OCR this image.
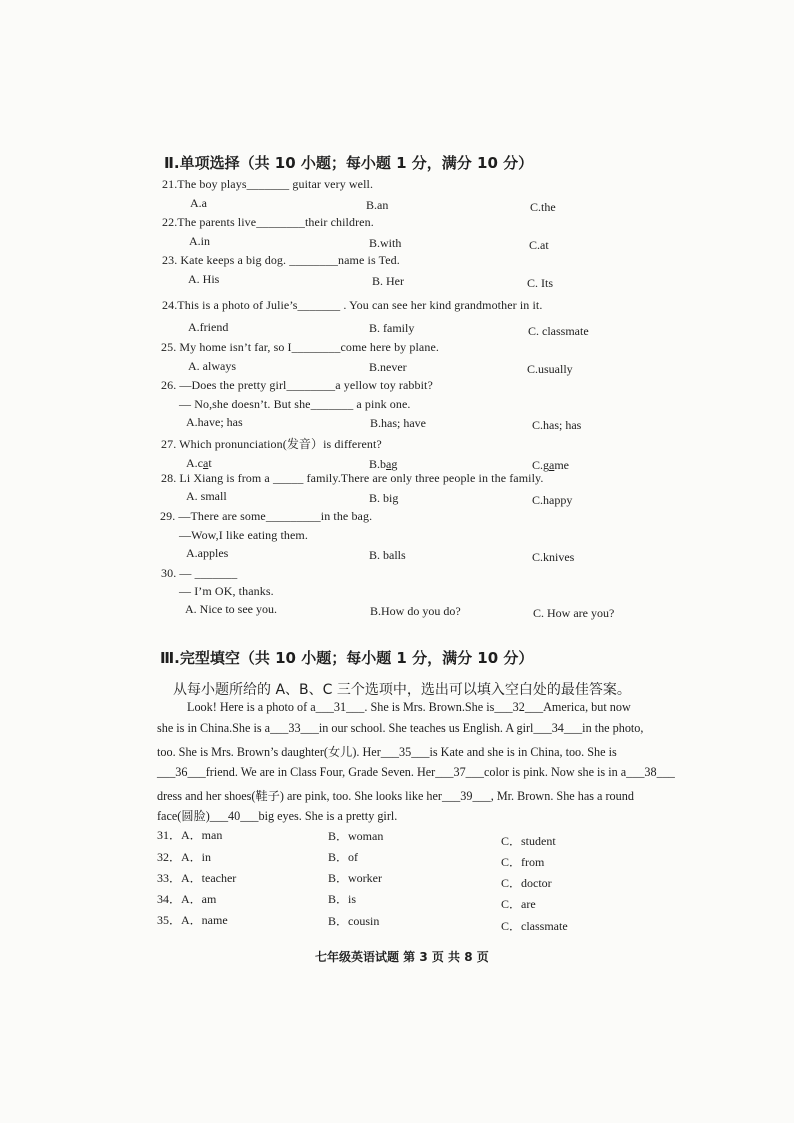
Ⅱ.单项选择（共 10 小题；每小题 1 分，满分 10 分）
21.The boy plays_______ guitar very well.
A.a	B.an	C.the
22.The parents live________their children.
A.in	B.with	C.at
23. Kate keeps a big dog. ________name is Ted.
A. His	B. Her	C. Its
24.This is a photo of Julie’s_______ . You can see her kind grandmother in it.
A.friend	B. family	C. classmate
25. My home isn’t far, so I________come here by plane.
A. always	B.never	C.usually
26. —Does the pretty girl________a yellow toy rabbit?
— No,she doesn’t. But she_______ a pink one.
A.have; has	B.has; have	C.has; has
27. Which pronunciation(发音）is different?
A.cat	B.bag	C.game
28. Li Xiang is from a _____ family.There are only three people in the family.
A. small	B. big	C.happy
29. —There are some_________in the bag.
—Wow,I like eating them.
A.apples	B. balls	C.knives
30. — _______
— I’m OK, thanks.
A. Nice to see you.	B.How do you do?	C. How are you?
Ⅲ.完型填空（共 10 小题；每小题 1 分，满分 10 分）
从每小题所给的 A、B、C 三个选项中，选出可以填入空白处的最佳答案。
Look! Here is a photo of a___31___. She is Mrs. Brown.She is___32___America, but now
she is in China.She is a___33___in our school. She teaches us English. A girl___34___in the photo,
too. She is Mrs. Brown’s daughter(女儿). Her___35___is Kate and she is in China, too. She is
___36___friend. We are in Class Four, Grade Seven. Her___37___color is pink. Now she is in a___38___
dress and her shoes(鞋子) are pink, too. She looks like her___39___, Mr. Brown. She has a round
face(圆脸)___40___big eyes. She is a pretty girl.
31． A．man	B．woman	C．student
32． A．in	B．of	C．from
33． A．teacher	B．worker	C．doctor
34． A．am	B．is	C．are
35． A．name	B．cousin	C．classmate
七年级英语试题 第 3 页 共 8 页
